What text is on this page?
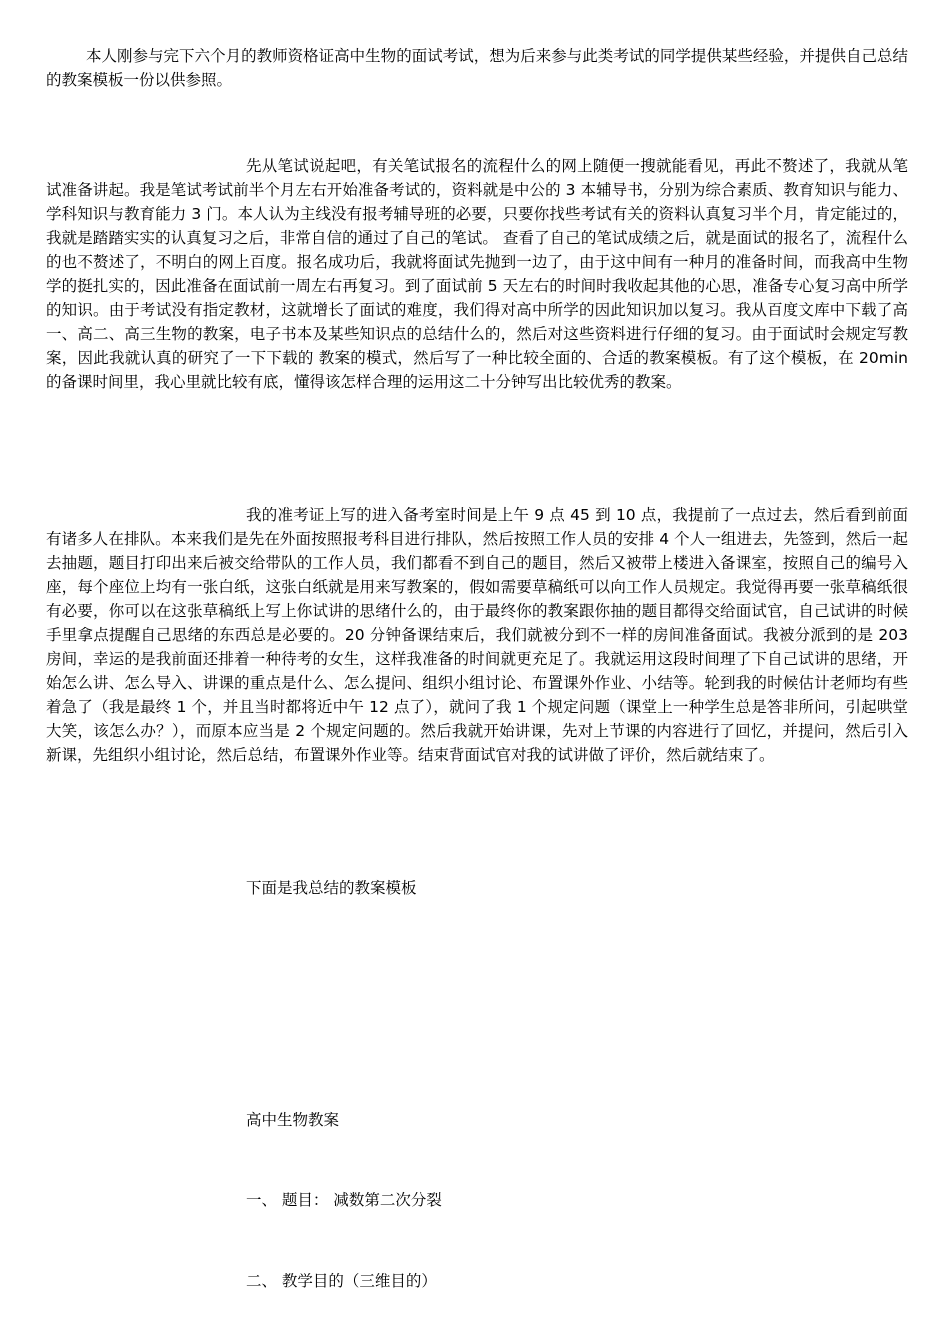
本人刚参与完下六个月的教师资格证高中生物的面试考试，想为后来参与此类考试的同学提供某些经验，并提供自己总结的教案模板一份以供参照。

先从笔试说起吧，有关笔试报名的流程什么的网上随便一搜就能看见，再此不赘述了，我就从笔试准备讲起。我是笔试考试前半个月左右开始准备考试的，资料就是中公的 3 本辅导书，分别为综合素质、教育知识与能力、学科知识与教育能力 3 门。本人认为主线没有报考辅导班的必要，只要你找些考试有关的资料认真复习半个月，肯定能过的，我就是踏踏实实的认真复习之后，非常自信的通过了自己的笔试。 查看了自己的笔试成绩之后，就是面试的报名了，流程什么的也不赘述了，不明白的网上百度。报名成功后，我就将面试先抛到一边了，由于这中间有一种月的准备时间，而我高中生物学的挺扎实的，因此准备在面试前一周左右再复习。到了面试前 5 天左右的时间时我收起其他的心思，准备专心复习高中所学的知识。由于考试没有指定教材，这就增长了面试的难度，我们得对高中所学的因此知识加以复习。我从百度文库中下载了高一、高二、高三生物的教案，电子书本及某些知识点的总结什么的，然后对这些资料进行仔细的复习。由于面试时会规定写教案，因此我就认真的研究了一下下载的 教案的模式，然后写了一种比较全面的、合适的教案模板。有了这个模板，在 20min 的备课时间里，我心里就比较有底，懂得该怎样合理的运用这二十分钟写出比较优秀的教案。

我的准考证上写的进入备考室时间是上午 9 点 45 到 10 点，我提前了一点过去，然后看到前面有诸多人在排队。本来我们是先在外面按照报考科目进行排队，然后按照工作人员的安排 4 个人一组进去，先签到，然后一起去抽题，题目打印出来后被交给带队的工作人员，我们都看不到自己的题目，然后又被带上楼进入备课室，按照自己的编号入座，每个座位上均有一张白纸，这张白纸就是用来写教案的，假如需要草稿纸可以向工作人员规定。我觉得再要一张草稿纸很有必要，你可以在这张草稿纸上写上你试讲的思绪什么的，由于最终你的教案跟你抽的题目都得交给面试官，自己试讲的时候手里拿点提醒自己思绪的东西总是必要的。20 分钟备课结束后，我们就被分到不一样的房间准备面试。我被分派到的是 203 房间，幸运的是我前面还排着一种待考的女生，这样我准备的时间就更充足了。我就运用这段时间理了下自己试讲的思绪，开始怎么讲、怎么导入、讲课的重点是什么、怎么提问、组织小组讨论、布置课外作业、小结等。轮到我的时候估计老师均有些着急了（我是最终 1 个，并且当时都将近中午 12 点了），就问了我 1 个规定问题（课堂上一种学生总是答非所问，引起哄堂大笑，该怎么办？），而原本应当是 2 个规定问题的。然后我就开始讲课，先对上节课的内容进行了回忆，并提问，然后引入新课，先组织小组讨论，然后总结，布置课外作业等。结束背面试官对我的试讲做了评价，然后就结束了。

下面是我总结的教案模板

高中生物教案

一、 题目： 减数第二次分裂

二、 教学目的（三维目的）
